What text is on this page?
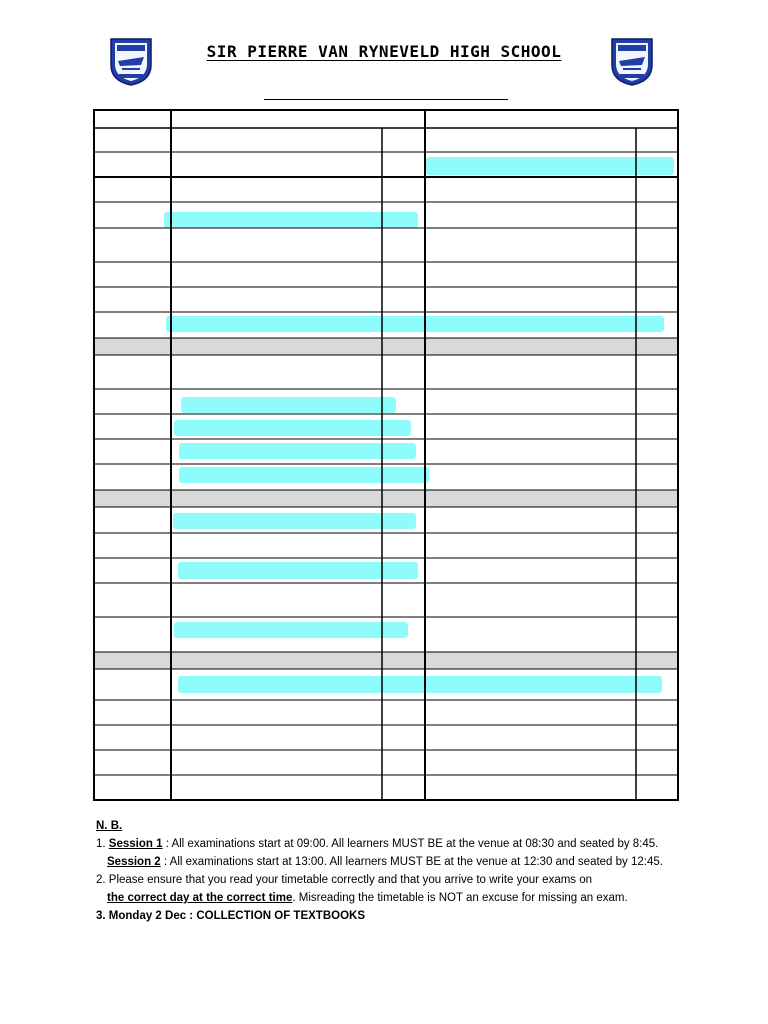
SIR PIERRE VAN RYNEVELD HIGH SCHOOL
N. B.
1. Session 1 : All examinations start at 09:00. All learners MUST BE at the venue at 08:30 and seated by 8:45.
Session 2 : All examinations start at 13:00. All learners MUST BE at the venue at 12:30 and seated by 12:45.
2. Please ensure that you read your timetable correctly and that you arrive to write your exams on
the correct day at the correct time. Misreading the timetable is NOT an excuse for missing an exam.
3. Monday 2 Dec : COLLECTION OF TEXTBOOKS
